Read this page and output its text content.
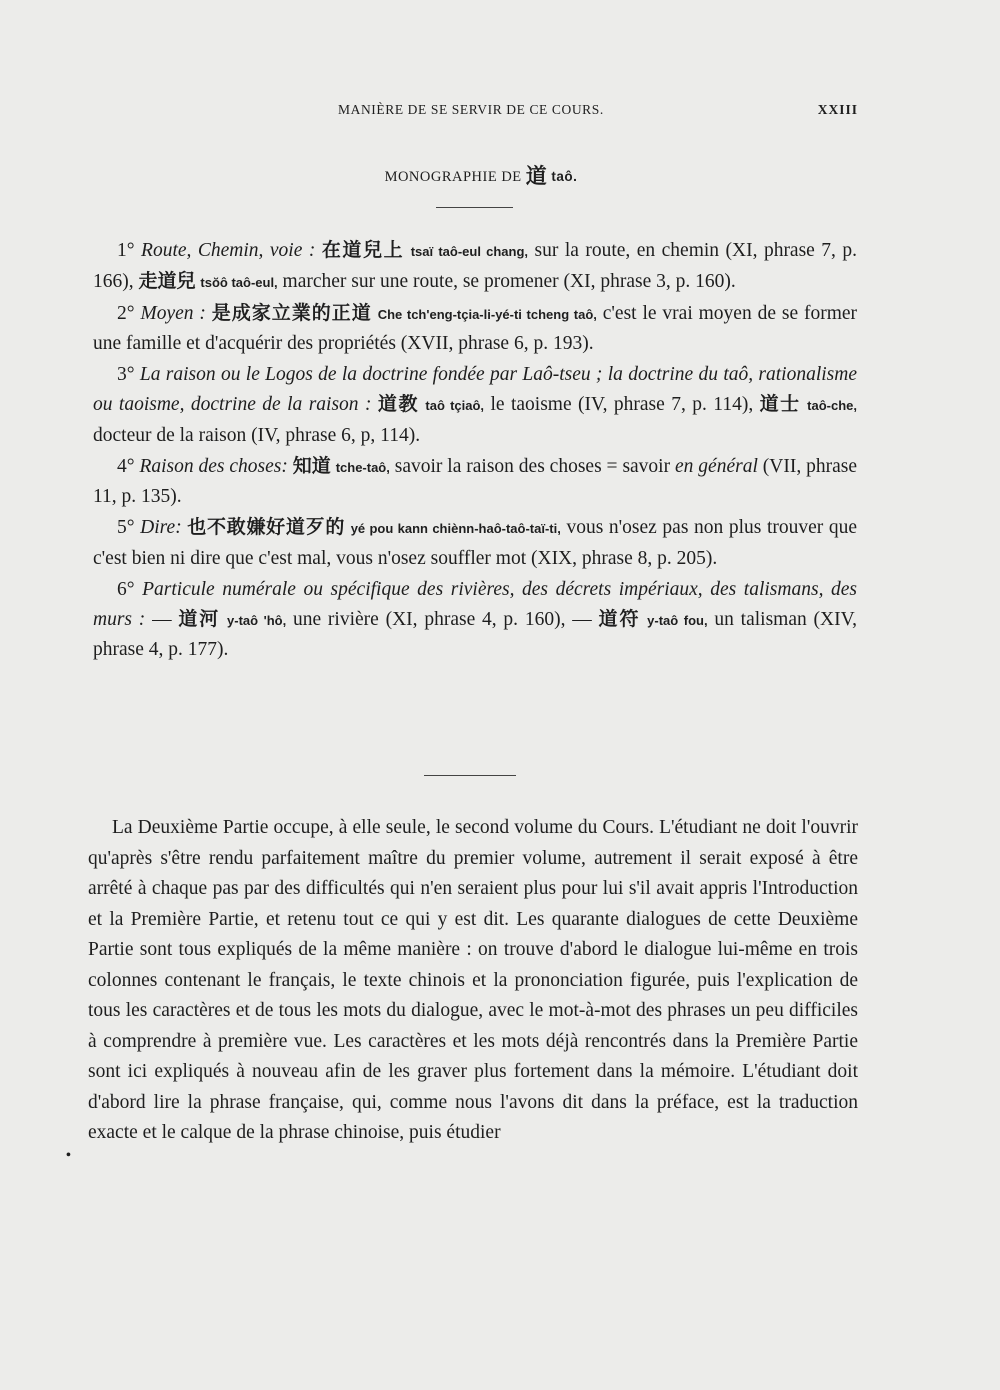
MANIÈRE DE SE SERVIR DE CE COURS.	XXIII
MONOGRAPHIE DE 道 taô.

1° Route, Chemin, voie : 在道兒上 tsaï taô-eul chang, sur la route, en chemin (XI, phrase 7, p. 166), 走道兒 tsŏô taô-eul, marcher sur une route, se promener (XI, phrase 3, p. 160).

2° Moyen : 是成家立業的正道 Che tch'eng-tçia-li-yé-ti tcheng taô, c'est le vrai moyen de se former une famille et d'acquérir des propriétés (XVII, phrase 6, p. 193).

3° La raison ou le Logos de la doctrine fondée par Laô-tseu ; la doctrine du taô, rationalisme ou taoisme, doctrine de la raison : 道教 taô tçiaô, le taoisme (IV, phrase 7, p. 114), 道士 taô-che, docteur de la raison (IV, phrase 6, p, 114).

4° Raison des choses: 知道 tche-taô, savoir la raison des choses = savoir en général (VII, phrase 11, p. 135).

5° Dire: 也不敢嫌好道歹的 yé pou kann chiènn-haô-taô-taï-ti, vous n'osez pas non plus trouver que c'est bien ni dire que c'est mal, vous n'osez souffler mot (XIX, phrase 8, p. 205).

6° Particule numérale ou spécifique des rivières, des décrets impériaux, des talismans, des murs : — 道河 y-taô 'hô, une rivière (XI, phrase 4, p. 160), — 道符 y-taô fou, un talisman (XIV, phrase 4, p. 177).

La Deuxième Partie occupe, à elle seule, le second volume du Cours. L'étudiant ne doit l'ouvrir qu'après s'être rendu parfaitement maître du premier volume, autrement il serait exposé à être arrêté à chaque pas par des difficultés qui n'en seraient plus pour lui s'il avait appris l'Introduction et la Première Partie, et retenu tout ce qui y est dit. Les quarante dialogues de cette Deuxième Partie sont tous expliqués de la même manière : on trouve d'abord le dialogue lui-même en trois colonnes contenant le français, le texte chinois et la prononciation figurée, puis l'explication de tous les caractères et de tous les mots du dialogue, avec le mot-à-mot des phrases un peu difficiles à comprendre à première vue. Les caractères et les mots déjà rencontrés dans la Première Partie sont ici expliqués à nouveau afin de les graver plus fortement dans la mémoire. L'étudiant doit d'abord lire la phrase française, qui, comme nous l'avons dit dans la préface, est la traduction exacte et le calque de la phrase chinoise, puis étudier

•
